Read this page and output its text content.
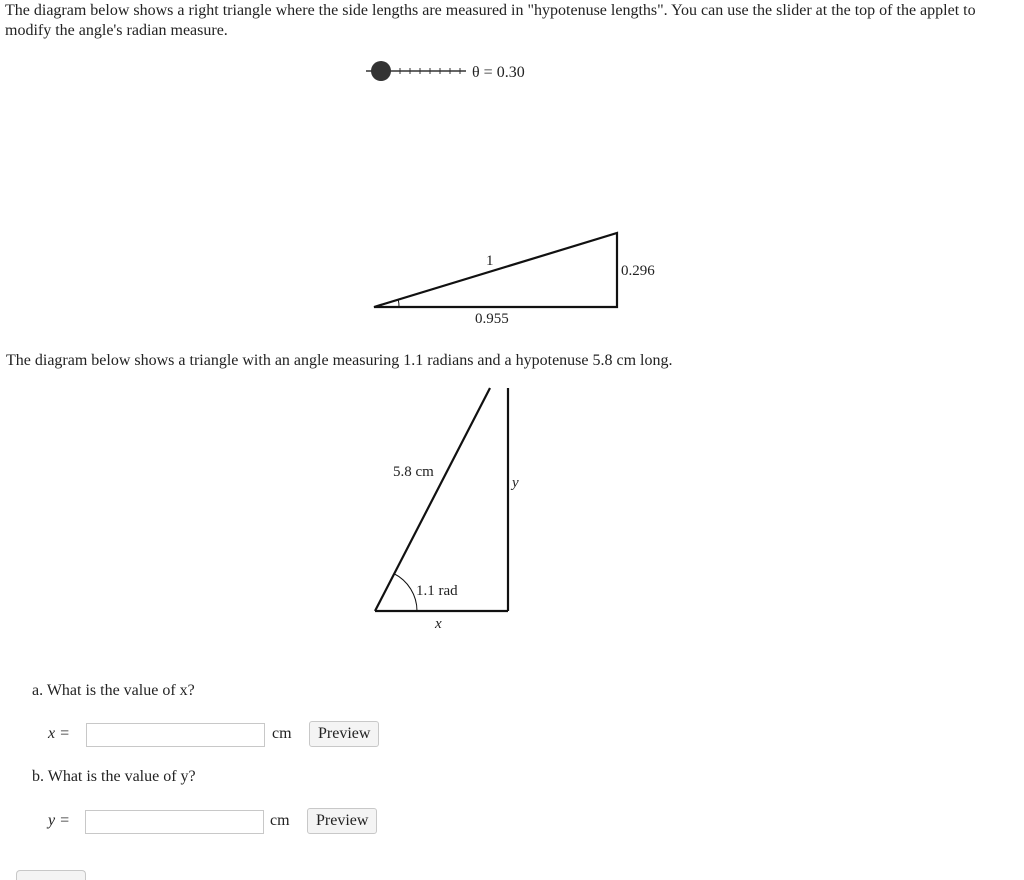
The diagram below shows a right triangle where the side lengths are measured in "hypotenuse lengths". You can use the slider at the top of the applet to modify the angle's radian measure.

θ = 0.30
1
0.296
0.955

The diagram below shows a triangle with an angle measuring 1.1 radians and a hypotenuse 5.8 cm long.

5.8 cm
1.1 rad
x
y
a. What is the value of x?
x =	cm	Preview
b. What is the value of y?
y =	cm	Preview
